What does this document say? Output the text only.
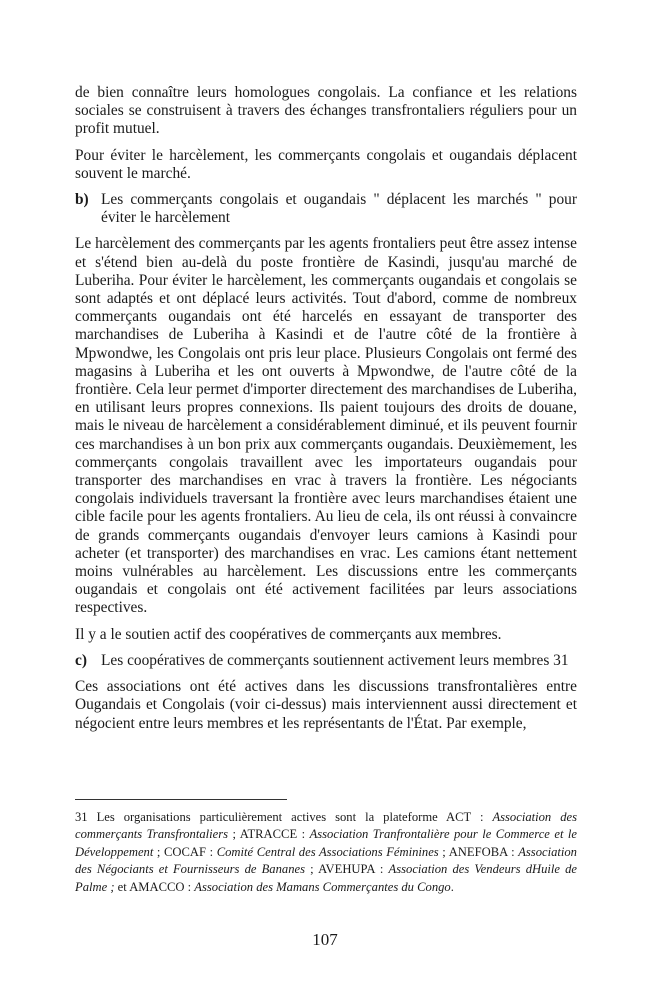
de bien connaître leurs homologues congolais. La confiance et les relations sociales se construisent à travers des échanges transfrontaliers réguliers pour un profit mutuel.

Pour éviter le harcèlement, les commerçants congolais et ougandais déplacent souvent le marché.

b) Les commerçants congolais et ougandais " déplacent les marchés " pour éviter le harcèlement

Le harcèlement des commerçants par les agents frontaliers peut être assez intense et s'étend bien au-delà du poste frontière de Kasindi, jusqu'au marché de Luberiha. Pour éviter le harcèlement, les commerçants ougandais et congolais se sont adaptés et ont déplacé leurs activités. Tout d'abord, comme de nombreux commerçants ougandais ont été harcelés en essayant de transporter des marchandises de Luberiha à Kasindi et de l'autre côté de la frontière à Mpwondwe, les Congolais ont pris leur place. Plusieurs Congolais ont fermé des magasins à Luberiha et les ont ouverts à Mpwondwe, de l'autre côté de la frontière. Cela leur permet d'importer directement des marchandises de Luberiha, en utilisant leurs propres connexions. Ils paient toujours des droits de douane, mais le niveau de harcèlement a considérablement diminué, et ils peuvent fournir ces marchandises à un bon prix aux commerçants ougandais. Deuxièmement, les commerçants congolais travaillent avec les importateurs ougandais pour transporter des marchandises en vrac à travers la frontière. Les négociants congolais individuels traversant la frontière avec leurs marchandises étaient une cible facile pour les agents frontaliers. Au lieu de cela, ils ont réussi à convaincre de grands commerçants ougandais d'envoyer leurs camions à Kasindi pour acheter (et transporter) des marchandises en vrac. Les camions étant nettement moins vulnérables au harcèlement. Les discussions entre les commerçants ougandais et congolais ont été activement facilitées par leurs associations respectives.

Il y a le soutien actif des coopératives de commerçants aux membres.

c) Les coopératives de commerçants soutiennent activement leurs membres 31

Ces associations ont été actives dans les discussions transfrontalières entre Ougandais et Congolais (voir ci-dessus) mais interviennent aussi directement et négocient entre leurs membres et les représentants de l'État. Par exemple,

31 Les organisations particulièrement actives sont la plateforme ACT : Association des commerçants Transfrontaliers ; ATRACCE : Association Tranfrontalière pour le Commerce et le Développement ; COCAF : Comité Central des Associations Féminines ; ANEFOBA : Association des Négociants et Fournisseurs de Bananes ; AVEHUPA : Association des Vendeurs dHuile de Palme ; et AMACCO : Association des Mamans Commerçantes du Congo.
107
